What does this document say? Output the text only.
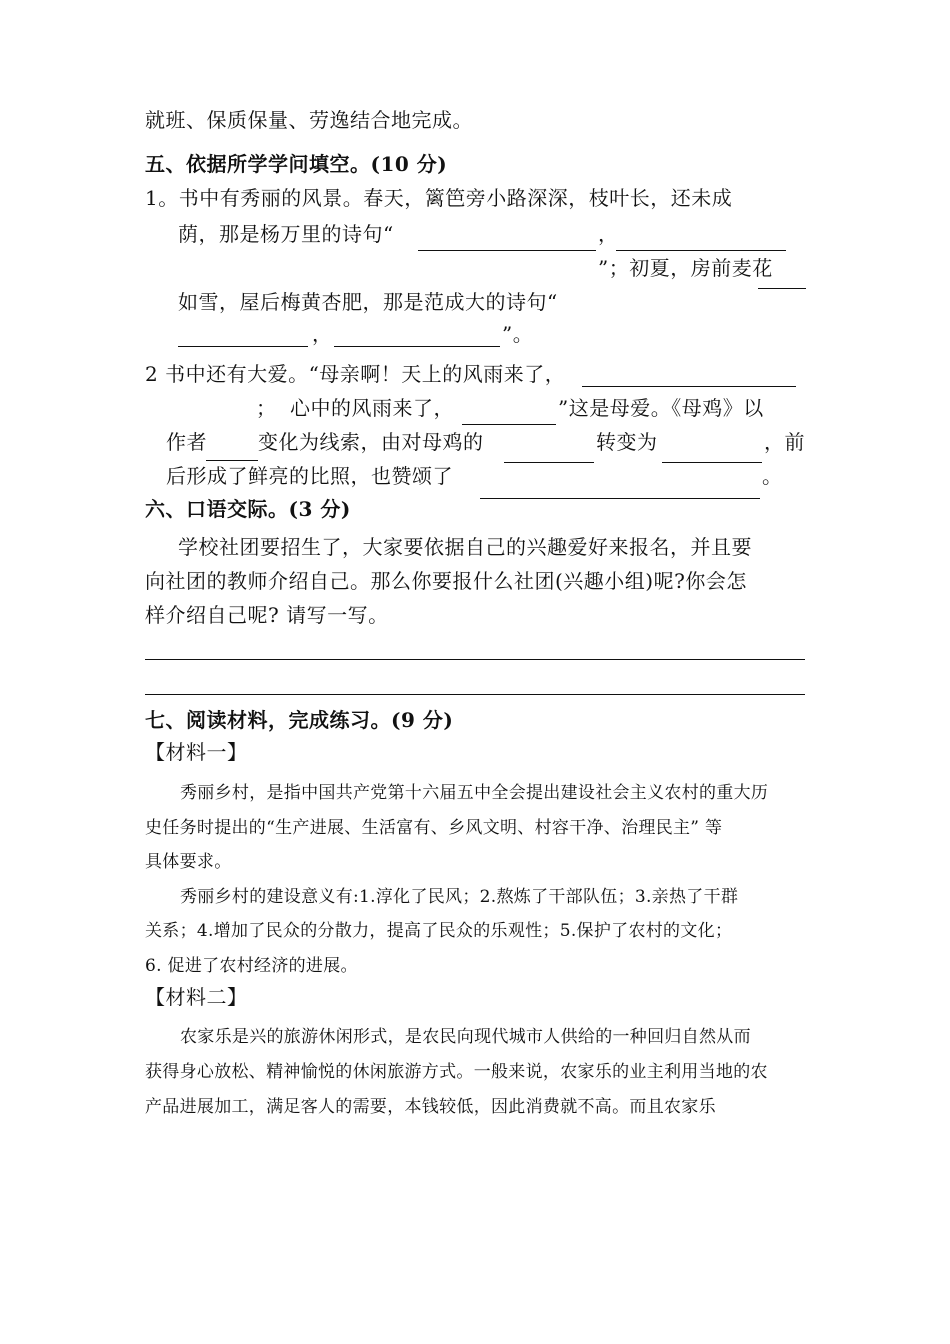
就班、保质保量、劳逸结合地完成。
五、依据所学学问填空。(10 分)
1。书中有秀丽的风景。春天，篱笆旁小路深深，枝叶长，还未成
荫，那是杨万里的诗句“	，
”；初夏，房前麦花
如雪，屋后梅黄杏肥，那是范成大的诗句“
，	”。
2 书中还有大爱。“母亲啊！天上的风雨来了，
； 心中的风雨来了，	”这是母爱。《母鸡》以
作者	变化为线索，由对母鸡的	转变为	，前
后形成了鲜亮的比照，也赞颂了	。
六、口语交际。(3 分)
学校社团要招生了，大家要依据自己的兴趣爱好来报名，并且要
向社团的教师介绍自己。那么你要报什么社团(兴趣小组)呢?你会怎
样介绍自己呢? 请写一写。
七、阅读材料，完成练习。(9 分)
【材料一】
秀丽乡村，是指中国共产党第十六届五中全会提出建设社会主义农村的重大历
史任务时提出的“生产进展、生活富有、乡风文明、村容干净、治理民主” 等
具体要求。
秀丽乡村的建设意义有:1.淳化了民风；2.熬炼了干部队伍；3.亲热了干群
关系；4.增加了民众的分散力，提高了民众的乐观性；5.保护了农村的文化；
6. 促进了农村经济的进展。
【材料二】
农家乐是兴的旅游休闲形式，是农民向现代城市人供给的一种回归自然从而
获得身心放松、精神愉悦的休闲旅游方式。一般来说，农家乐的业主利用当地的农
产品进展加工，满足客人的需要，本钱较低，因此消费就不高。而且农家乐
